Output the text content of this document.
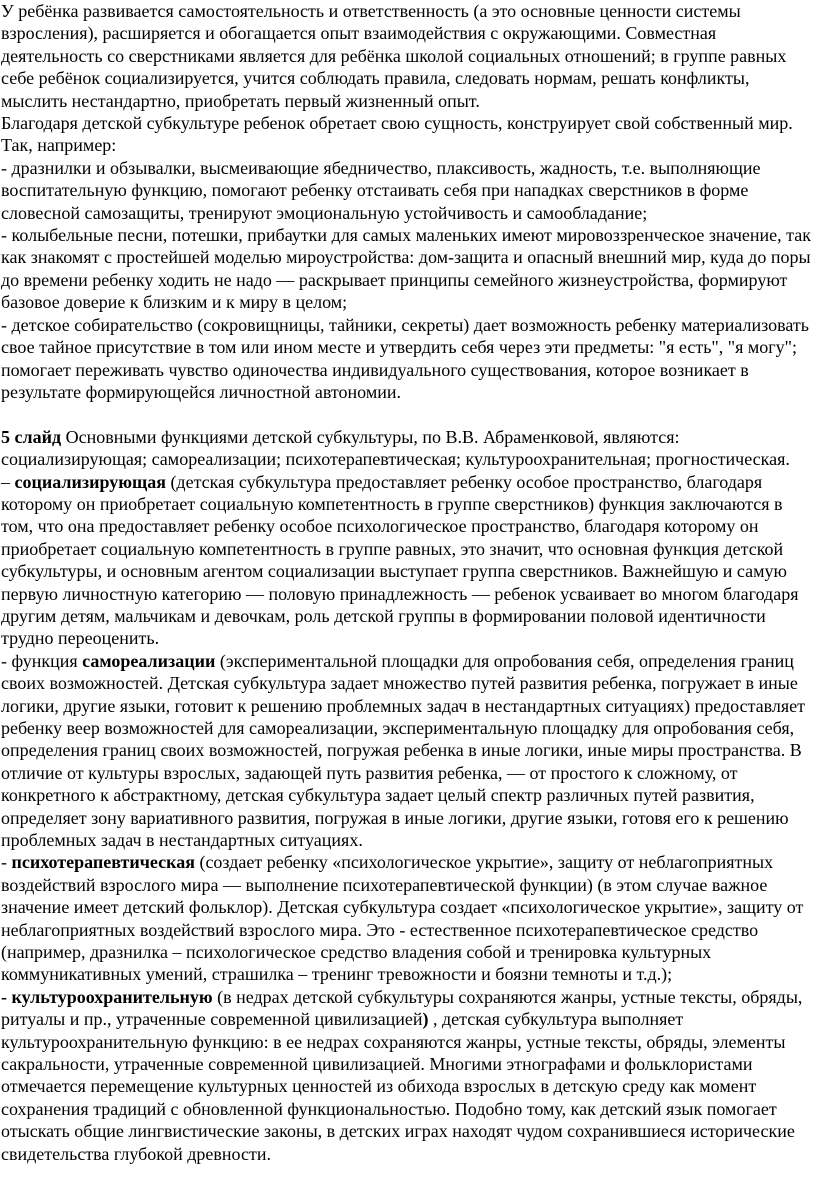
У ребёнка развивается самостоятельность и ответственность (а это основные ценности системы взросления), расширяется и обогащается опыт взаимодействия с окружающими. Совместная деятельность со сверстниками является для ребёнка школой социальных отношений; в группе равных себе ребёнок социализируется, учится соблюдать правила, следовать нормам, решать конфликты, мыслить нестандартно, приобретать первый жизненный опыт.

Благодаря детской субкультуре ребенок обретает свою сущность, конструирует свой собственный мир. Так, например:

- дразнилки и обзывалки, высмеивающие ябедничество, плаксивость, жадность, т.е. выполняющие воспитательную функцию, помогают ребенку отстаивать себя при нападках сверстников в форме словесной самозащиты, тренируют эмоциональную устойчивость и самообладание;

- колыбельные песни, потешки, прибаутки для самых маленьких имеют мировоззренческое значение, так как знакомят с простейшей моделью мироустройства: дом-защита и опасный внешний мир, куда до поры до времени ребенку ходить не надо — раскрывает принципы семейного жизнеустройства, формируют базовое доверие к близким и к миру в целом;

- детское собирательство (сокровищницы, тайники, секреты) дает возможность ребенку материализовать свое тайное присутствие в том или ином месте и утвердить себя через эти предметы: "я есть", "я могу"; помогает переживать чувство одиночества индивидуального существования, которое возникает в результате формирующейся личностной автономии.

5 слайд Основными функциями детской субкультуры, по В.В. Абраменковой, являются: социализирующая; самореализации; психотерапевтическая; культуроохранительная; прогностическая.

– социализирующая (детская субкультура предоставляет ребенку особое пространство, благодаря которому он приобретает социальную компетентность в группе сверстников) функция заключаются в том, что она предоставляет ребенку особое психологическое пространство, благодаря которому он приобретает социальную компетентность в группе равных, это значит, что основная функция детской субкультуры, и основным агентом социализации выступает группа сверстников. Важнейшую и самую первую личностную категорию — половую принадлежность — ребенок усваивает во многом благодаря другим детям, мальчикам и девочкам, роль детской группы в формировании половой идентичности трудно переоценить.

- функция самореализации (экспериментальной площадки для опробования себя, определения границ своих возможностей. Детская субкультура задает множество путей развития ребенка, погружает в иные логики, другие языки, готовит к решению проблемных задач в нестандартных ситуациях) предоставляет ребенку веер возможностей для самореализации, экспериментальную площадку для опробования себя, определения границ своих возможностей, погружая ребенка в иные логики, иные миры пространства. В отличие от культуры взрослых, задающей путь развития ребенка, — от простого к сложному, от конкретного к абстрактному, детская субкультура задает целый спектр различных путей развития, определяет зону вариативного развития, погружая в иные логики, другие языки, готовя его к решению проблемных задач в нестандартных ситуациях.

- психотерапевтическая (создает ребенку «психологическое укрытие», защиту от неблагоприятных воздействий взрослого мира — выполнение психотерапевтической функции) (в этом случае важное значение имеет детский фольклор). Детская субкультура создает «психологическое укрытие», защиту от неблагоприятных воздействий взрослого мира. Это - естественное психотерапевтическое средство (например, дразнилка – психологическое средство владения собой и тренировка культурных коммуникативных умений, страшилка – тренинг тревожности и боязни темноты и т.д.);

- культуроохранительную (в недрах детской субкультуры сохраняются жанры, устные тексты, обряды, ритуалы и пр., утраченные современной цивилизацией) , детская субкультура выполняет культуроохранительную функцию: в ее недрах сохраняются жанры, устные тексты, обряды, элементы сакральности, утраченные современной цивилизацией. Многими этнографами и фольклористами отмечается перемещение культурных ценностей из обихода взрослых в детскую среду как момент сохранения традиций с обновленной функциональностью. Подобно тому, как детский язык помогает отыскать общие лингвистические законы, в детских играх находят чудом сохранившиеся исторические свидетельства глубокой древности.
